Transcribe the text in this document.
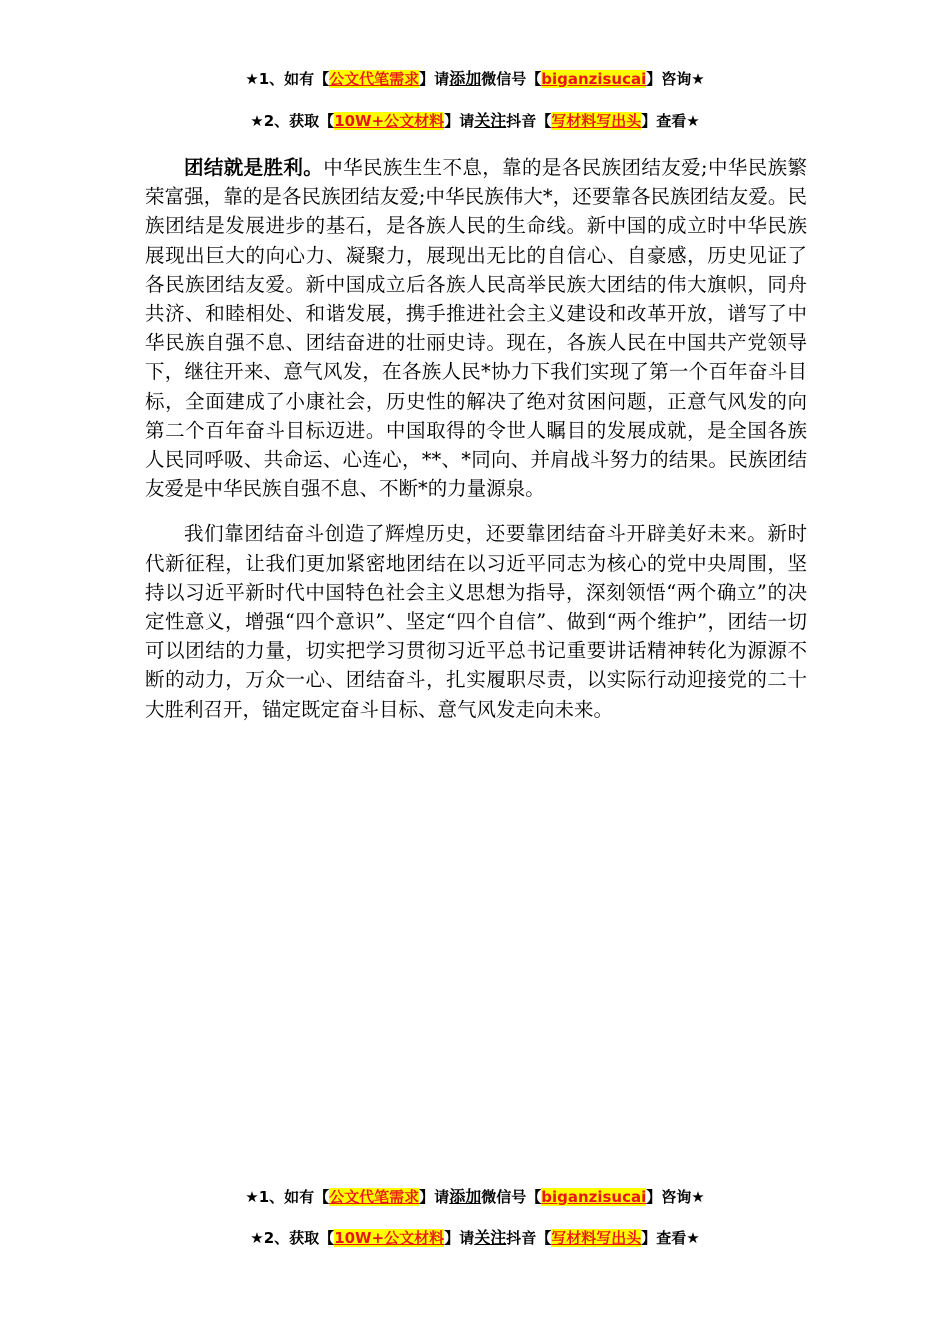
★1、如有【公文代笔需求】请添加微信号【biganzisucai】咨询★
★2、获取【10W+公文材料】请关注抖音【写材料写出头】查看★

团结就是胜利。中华民族生生不息，靠的是各民族团结友爱;中华民族繁荣富强，靠的是各民族团结友爱;中华民族伟大*，还要靠各民族团结友爱。民族团结是发展进步的基石，是各族人民的生命线。新中国的成立时中华民族展现出巨大的向心力、凝聚力，展现出无比的自信心、自豪感，历史见证了各民族团结友爱。新中国成立后各族人民高举民族大团结的伟大旗帜，同舟共济、和睦相处、和谐发展，携手推进社会主义建设和改革开放，谱写了中华民族自强不息、团结奋进的壮丽史诗。现在，各族人民在中国共产党领导下，继往开来、意气风发，在各族人民*协力下我们实现了第一个百年奋斗目标，全面建成了小康社会，历史性的解决了绝对贫困问题，正意气风发的向第二个百年奋斗目标迈进。中国取得的令世人瞩目的发展成就，是全国各族人民同呼吸、共命运、心连心，**、*同向、并肩战斗努力的结果。民族团结友爱是中华民族自强不息、不断*的力量源泉。

我们靠团结奋斗创造了辉煌历史，还要靠团结奋斗开辟美好未来。新时代新征程，让我们更加紧密地团结在以习近平同志为核心的党中央周围，坚持以习近平新时代中国特色社会主义思想为指导，深刻领悟“两个确立”的决定性意义，增强“四个意识”、坚定“四个自信”、做到“两个维护”，团结一切可以团结的力量，切实把学习贯彻习近平总书记重要讲话精神转化为源源不断的动力，万众一心、团结奋斗，扎实履职尽责，以实际行动迎接党的二十大胜利召开，锚定既定奋斗目标、意气风发走向未来。

★1、如有【公文代笔需求】请添加微信号【biganzisucai】咨询★
★2、获取【10W+公文材料】请关注抖音【写材料写出头】查看★
